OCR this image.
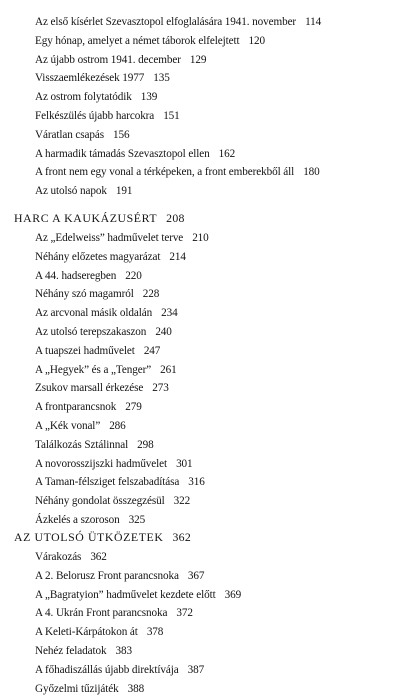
Az első kísérlet Szevasztopol elfoglalására 1941. november 114
Egy hónap, amelyet a német táborok elfelejtett 120
Az újabb ostrom 1941. december 129
Visszaemlékezések 1977 135
Az ostrom folytatódik 139
Felkészülés újabb harcokra 151
Váratlan csapás 156
A harmadik támadás Szevasztopol ellen 162
A front nem egy vonal a térképeken, a front emberekből áll 180
Az utolsó napok 191
HARC A KAUKÁZUSÉRT 208
Az „Edelweiss” hadművelet terve 210
Néhány előzetes magyarázat 214
A 44. hadseregben 220
Néhány szó magamról 228
Az arcvonal másik oldalán 234
Az utolsó terepszakaszon 240
A tuapszei hadművelet 247
A „Hegyek” és a „Tenger” 261
Zsukov marsall érkezése 273
A frontparancsnok 279
A „Kék vonal” 286
Találkozás Sztálinnal 298
A novorosszijszki hadművelet 301
A Taman-félsziget felszabadítása 316
Néhány gondolat összegzésül 322
Ázkelés a szoroson 325
AZ UTOLSÓ ÜTKÖZETEK 362
Várakozás 362
A 2. Belorusz Front parancsnoka 367
A „Bagratyion” hadművelet kezdete előtt 369
A 4. Ukrán Front parancsnoka 372
A Keleti-Kárpátokon át 378
Nehéz feladatok 383
A főhadiszállás újabb direktívája 387
Győzelmi tűzijáték 388
